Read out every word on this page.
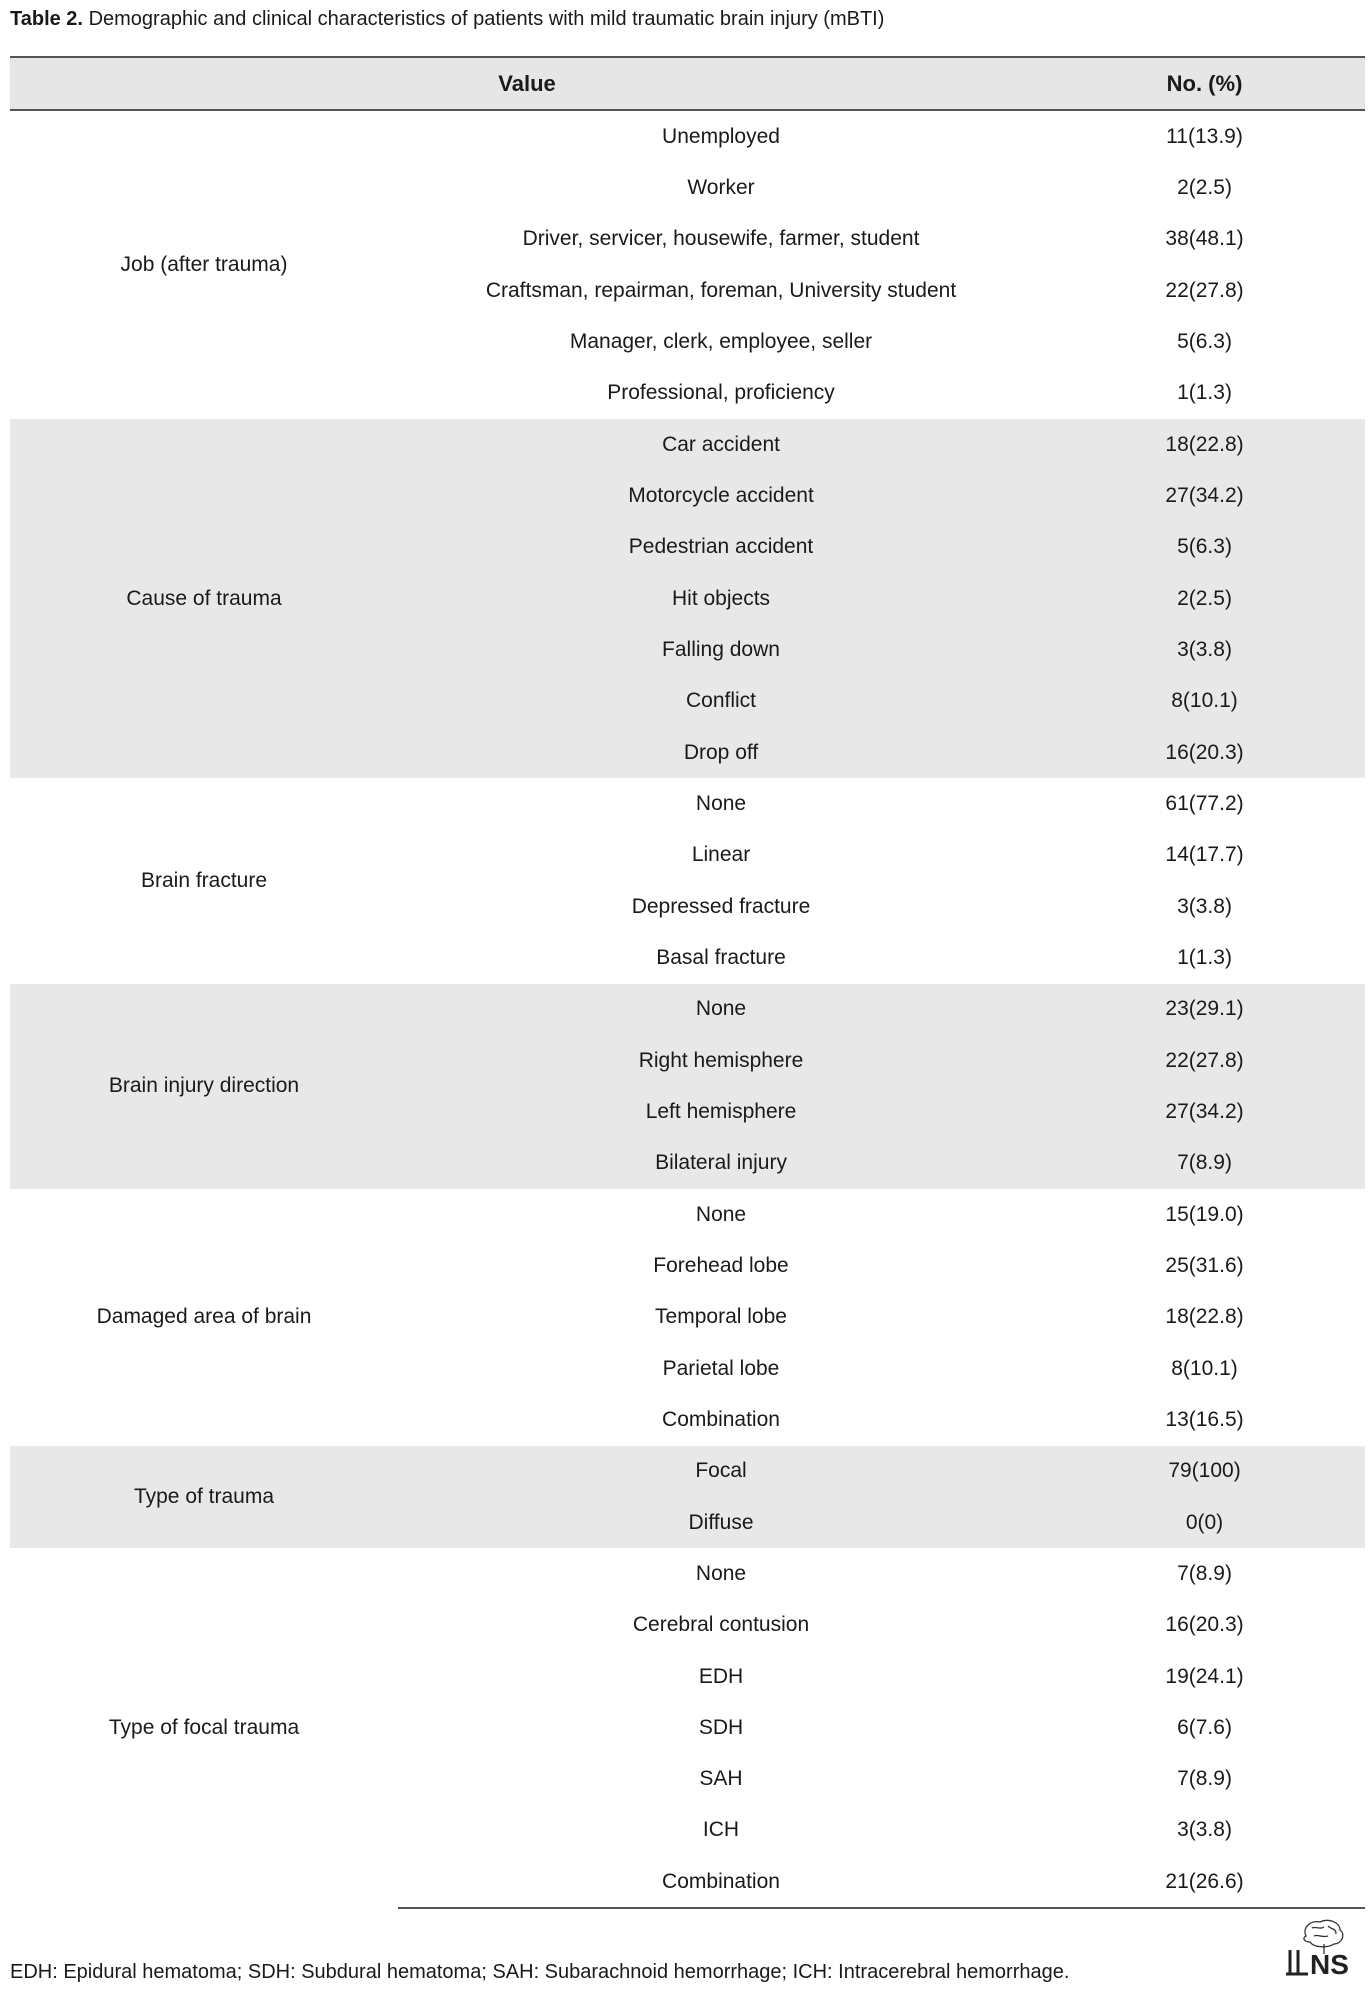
Table 2. Demographic and clinical characteristics of patients with mild traumatic brain injury (mBTI)
Value		No. (%)
Job (after trauma)	Unemployed	11(13.9)
	Worker	2(2.5)
	Driver, servicer, housewife, farmer, student	38(48.1)
	Craftsman, repairman, foreman, University student	22(27.8)
	Manager, clerk, employee, seller	5(6.3)
	Professional, proficiency	1(1.3)
Cause of trauma	Car accident	18(22.8)
	Motorcycle accident	27(34.2)
	Pedestrian accident	5(6.3)
	Hit objects	2(2.5)
	Falling down	3(3.8)
	Conflict	8(10.1)
	Drop off	16(20.3)
Brain fracture	None	61(77.2)
	Linear	14(17.7)
	Depressed fracture	3(3.8)
	Basal fracture	1(1.3)
Brain injury direction	None	23(29.1)
	Right hemisphere	22(27.8)
	Left hemisphere	27(34.2)
	Bilateral injury	7(8.9)
Damaged area of brain	None	15(19.0)
	Forehead lobe	25(31.6)
	Temporal lobe	18(22.8)
	Parietal lobe	8(10.1)
	Combination	13(16.5)
Type of trauma	Focal	79(100)
	Diffuse	0(0)
Type of focal trauma	None	7(8.9)
	Cerebral contusion	16(20.3)
	EDH	19(24.1)
	SDH	6(7.6)
	SAH	7(8.9)
	ICH	3(3.8)
	Combination	21(26.6)
EDH: Epidural hematoma; SDH: Subdural hematoma; SAH: Subarachnoid hemorrhage; ICH: Intracerebral hemorrhage.	NS
